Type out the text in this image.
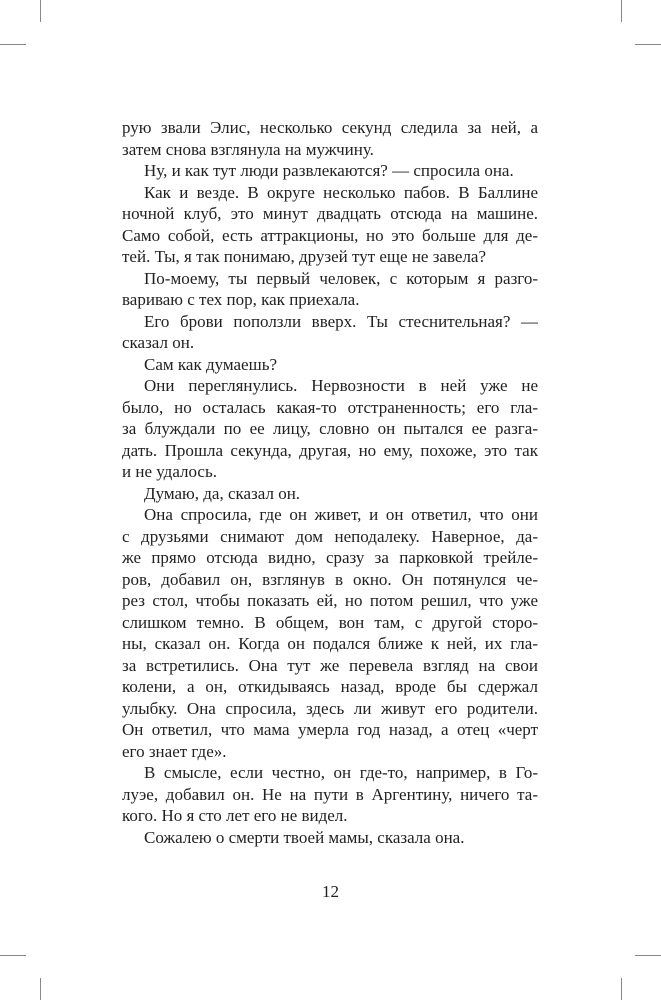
рую звали Элис, несколько секунд следила за ней, а
затем снова взглянула на мужчину.
Ну, и как тут люди развлекаются? — спросила она.
Как и везде. В округе несколько пабов. В Баллине
ночной клуб, это минут двадцать отсюда на машине.
Само собой, есть аттракционы, но это больше для де-
тей. Ты, я так понимаю, друзей тут еще не завела?
По-моему, ты первый человек, с которым я разго-
вариваю с тех пор, как приехала.
Его брови поползли вверх. Ты стеснительная? —
сказал он.
Сам как думаешь?
Они переглянулись. Нервозности в ней уже не
было, но осталась какая-то отстраненность; его гла-
за блуждали по ее лицу, словно он пытался ее разга-
дать. Прошла секунда, другая, но ему, похоже, это так
и не удалось.
Думаю, да, сказал он.
Она спросила, где он живет, и он ответил, что они
с друзьями снимают дом неподалеку. Наверное, да-
же прямо отсюда видно, сразу за парковкой трейле-
ров, добавил он, взглянув в окно. Он потянулся че-
рез стол, чтобы показать ей, но потом решил, что уже
слишком темно. В общем, вон там, с другой сторо-
ны, сказал он. Когда он подался ближе к ней, их гла-
за встретились. Она тут же перевела взгляд на свои
колени, а он, откидываясь назад, вроде бы сдержал
улыбку. Она спросила, здесь ли живут его родители.
Он ответил, что мама умерла год назад, а отец «черт
его знает где».
В смысле, если честно, он где-то, например, в Го-
луэе, добавил он. Не на пути в Аргентину, ничего та-
кого. Но я сто лет его не видел.
Сожалею о смерти твоей мамы, сказала она.
12
